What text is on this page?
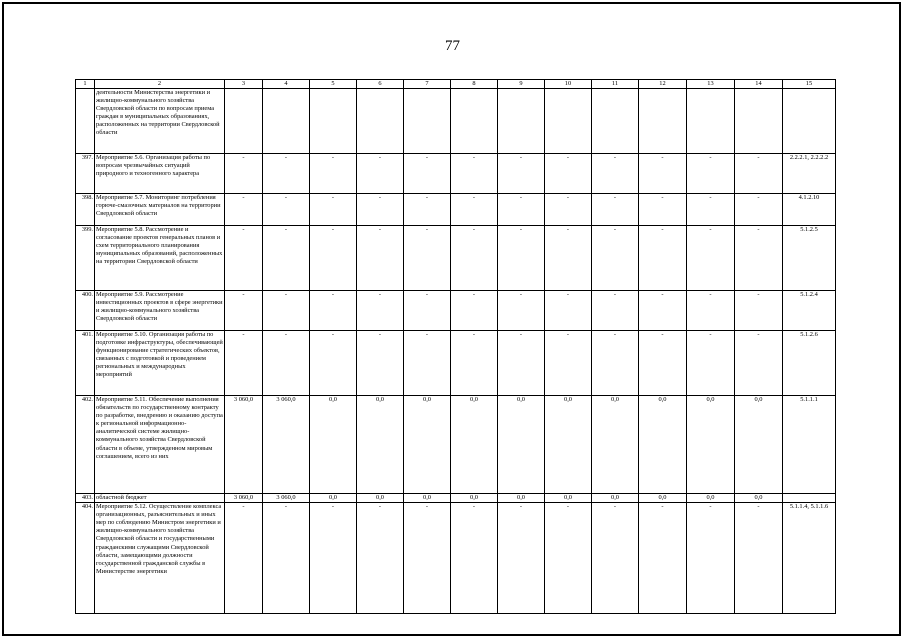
77
1	2	3	4	5	6	7	8	9	10	11	12	13	14	15
	деятельности Министерства энергетики и жилищно-коммунального хозяйства Свердловской области по вопросам приема граждан в муниципальных образованиях, расположенных на территории Свердловской области													
397.	Мероприятие 5.6. Организация работы по вопросам чрезвычайных ситуаций природного и техногенного характера	-	-	-	-	-	-	-	-	-	-	-	-	2.2.2.1, 2.2.2.2
398.	Мероприятие 5.7. Мониторинг потребления горюче-смазочных материалов на территории Свердловской области	-	-	-	-	-	-	-	-	-	-	-	-	4.1.2.10
399.	Мероприятие 5.8. Рассмотрение и согласование проектов генеральных планов и схем территориального планирования муниципальных образований, расположенных на территории Свердловской области	-	-	-	-	-	-	-	-	-	-	-	-	5.1.2.5
400.	Мероприятие 5.9. Рассмотрение инвестиционных проектов в сфере энергетики и жилищно-коммунального хозяйства Свердловской области	-	-	-	-	-	-	-	-	-	-	-	-	5.1.2.4
401.	Мероприятие 5.10. Организация работы по подготовке инфраструктуры, обеспечивающей функционирование стратегических объектов, связанных с подготовкой и проведением региональных и международных мероприятий	-	-	-	-	-	-	-	-	-	-	-	-	5.1.2.6
402.	Мероприятие 5.11. Обеспечение выполнения обязательств по государственному контракту по разработке, внедрению и оказанию доступа к региональной информационно-аналитической системе жилищно-коммунального хозяйства Свердловской области в объеме, утвержденном мировым соглашением, всего из них	3 060,0	3 060,0	0,0	0,0	0,0	0,0	0,0	0,0	0,0	0,0	0,0	0,0	5.1.1.1
403.	областной бюджет	3 060,0	3 060,0	0,0	0,0	0,0	0,0	0,0	0,0	0,0	0,0	0,0	0,0	
404.	Мероприятие 5.12. Осуществление комплекса организационных, разъяснительных и иных мер по соблюдению Министром энергетики и жилищно-коммунального хозяйства Свердловской области и государственными гражданскими служащими Свердловской области, замещающими должности государственной гражданской службы в Министерстве энергетики	-	-	-	-	-	-	-	-	-	-	-	-	5.1.1.4, 5.1.1.6
